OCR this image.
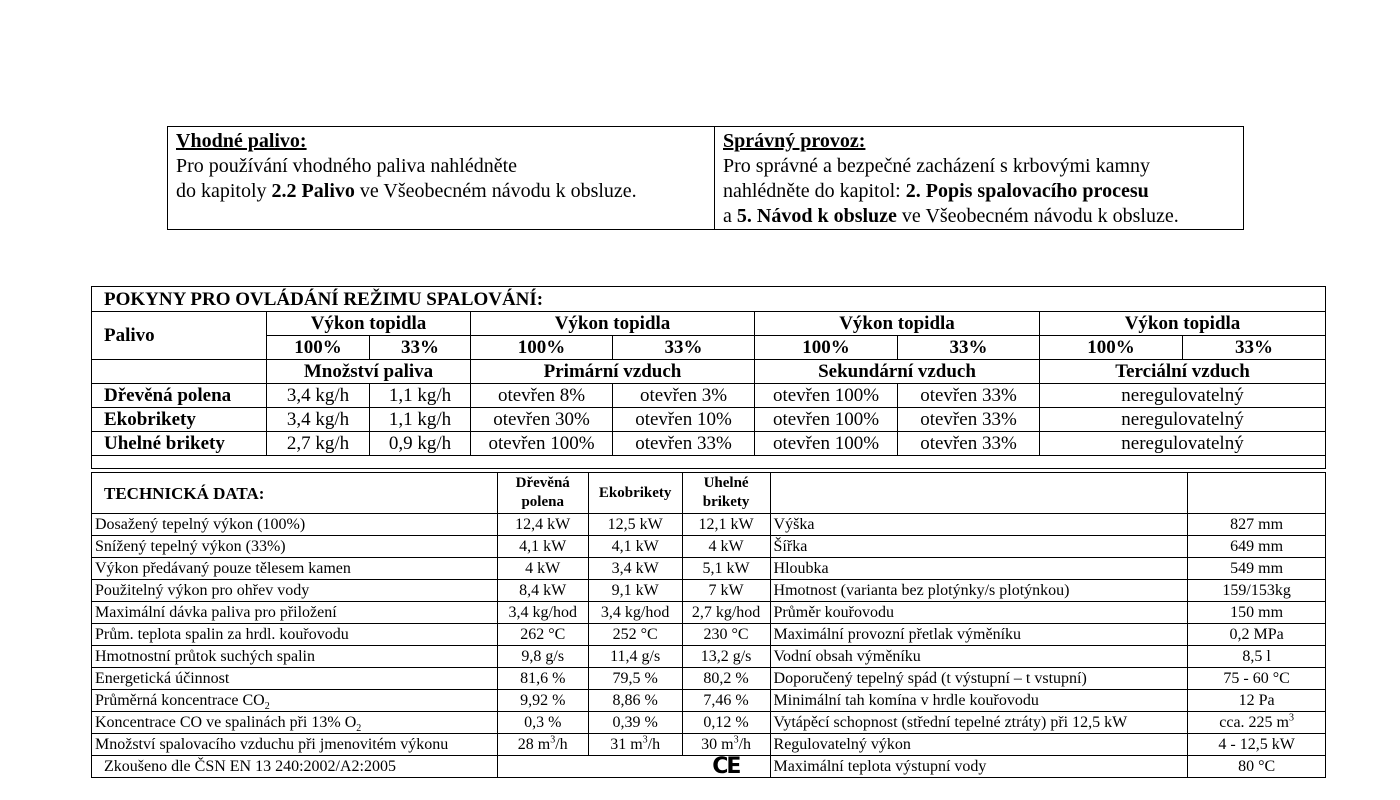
Vhodné palivo:
Pro používání vhodného paliva nahlédněte
do kapitoly 2.2 Palivo ve Všeobecném návodu k obsluze.

Správný provoz:
Pro správné a bezpečné zacházení s krbovými kamny
nahlédněte do kapitol: 2. Popis spalovacího procesu
a 5. Návod k obsluze ve Všeobecném návodu k obsluze.
POKYNY PRO OVLÁDÁNÍ REŽIMU SPALOVÁNÍ:								
Palivo	Výkon topidla		Výkon topidla		Výkon topidla		Výkon topidla	
	100%	33%	100%	33%	100%	33%	100%	33%
	Množství paliva		Primární vzduch		Sekundární vzduch		Terciální vzduch	
Dřevěná polena	3,4 kg/h	1,1 kg/h	otevřen 8%	otevřen 3%	otevřen 100%	otevřen 33%	neregulovatelný	
Ekobrikety	3,4 kg/h	1,1 kg/h	otevřen 30%	otevřen 10%	otevřen 100%	otevřen 33%	neregulovatelný	
Uhelné brikety	2,7 kg/h	0,9 kg/h	otevřen 100%	otevřen 33%	otevřen 100%	otevřen 33%	neregulovatelný	

TECHNICKÁ DATA:	Dřevěná polena	Ekobrikety	Uhelné brikety		
Dosažený tepelný výkon (100%)	12,4 kW	12,5 kW	12,1 kW	Výška	827 mm
Snížený tepelný výkon (33%)	4,1 kW	4,1 kW	4 kW	Šířka	649 mm
Výkon předávaný pouze tělesem kamen	4 kW	3,4 kW	5,1 kW	Hloubka	549 mm
Použitelný výkon pro ohřev vody	8,4 kW	9,1 kW	7 kW	Hmotnost (varianta bez plotýnky/s plotýnkou)	159/153kg
Maximální dávka paliva pro přiložení	3,4 kg/hod	3,4 kg/hod	2,7 kg/hod	Průměr kouřovodu	150 mm
Prům. teplota spalin za hrdl. kouřovodu	262 °C	252 °C	230 °C	Maximální provozní přetlak výměníku	0,2 MPa
Hmotnostní průtok suchých spalin	9,8 g/s	11,4 g/s	13,2 g/s	Vodní obsah výměníku	8,5 l
Energetická účinnost	81,6 %	79,5 %	80,2 %	Doporučený tepelný spád (t výstupní – t vstupní)	75 - 60 °C
Průměrná koncentrace $CO_2$	9,92 %	8,86 %	7,46 %	Minimální tah komína v hrdle kouřovodu	12 Pa
Koncentrace CO ve spalinách při 13% $O_2$	0,3 %	0,39 %	0,12 %	Vytápěcí schopnost (střední tepelné ztráty) při 12,5 kW	cca. 225 $m^3$
Množství spalovacího vzduchu při jmenovitém výkonu	28 $m^3/h$	31 $m^3/h$	30 $m^3/h$	Regulovatelný výkon	4 - 12,5 kW
Zkoušeno dle ČSN EN 13 240:2002/A2:2005			CE	Maximální teplota výstupní vody	80 °C
